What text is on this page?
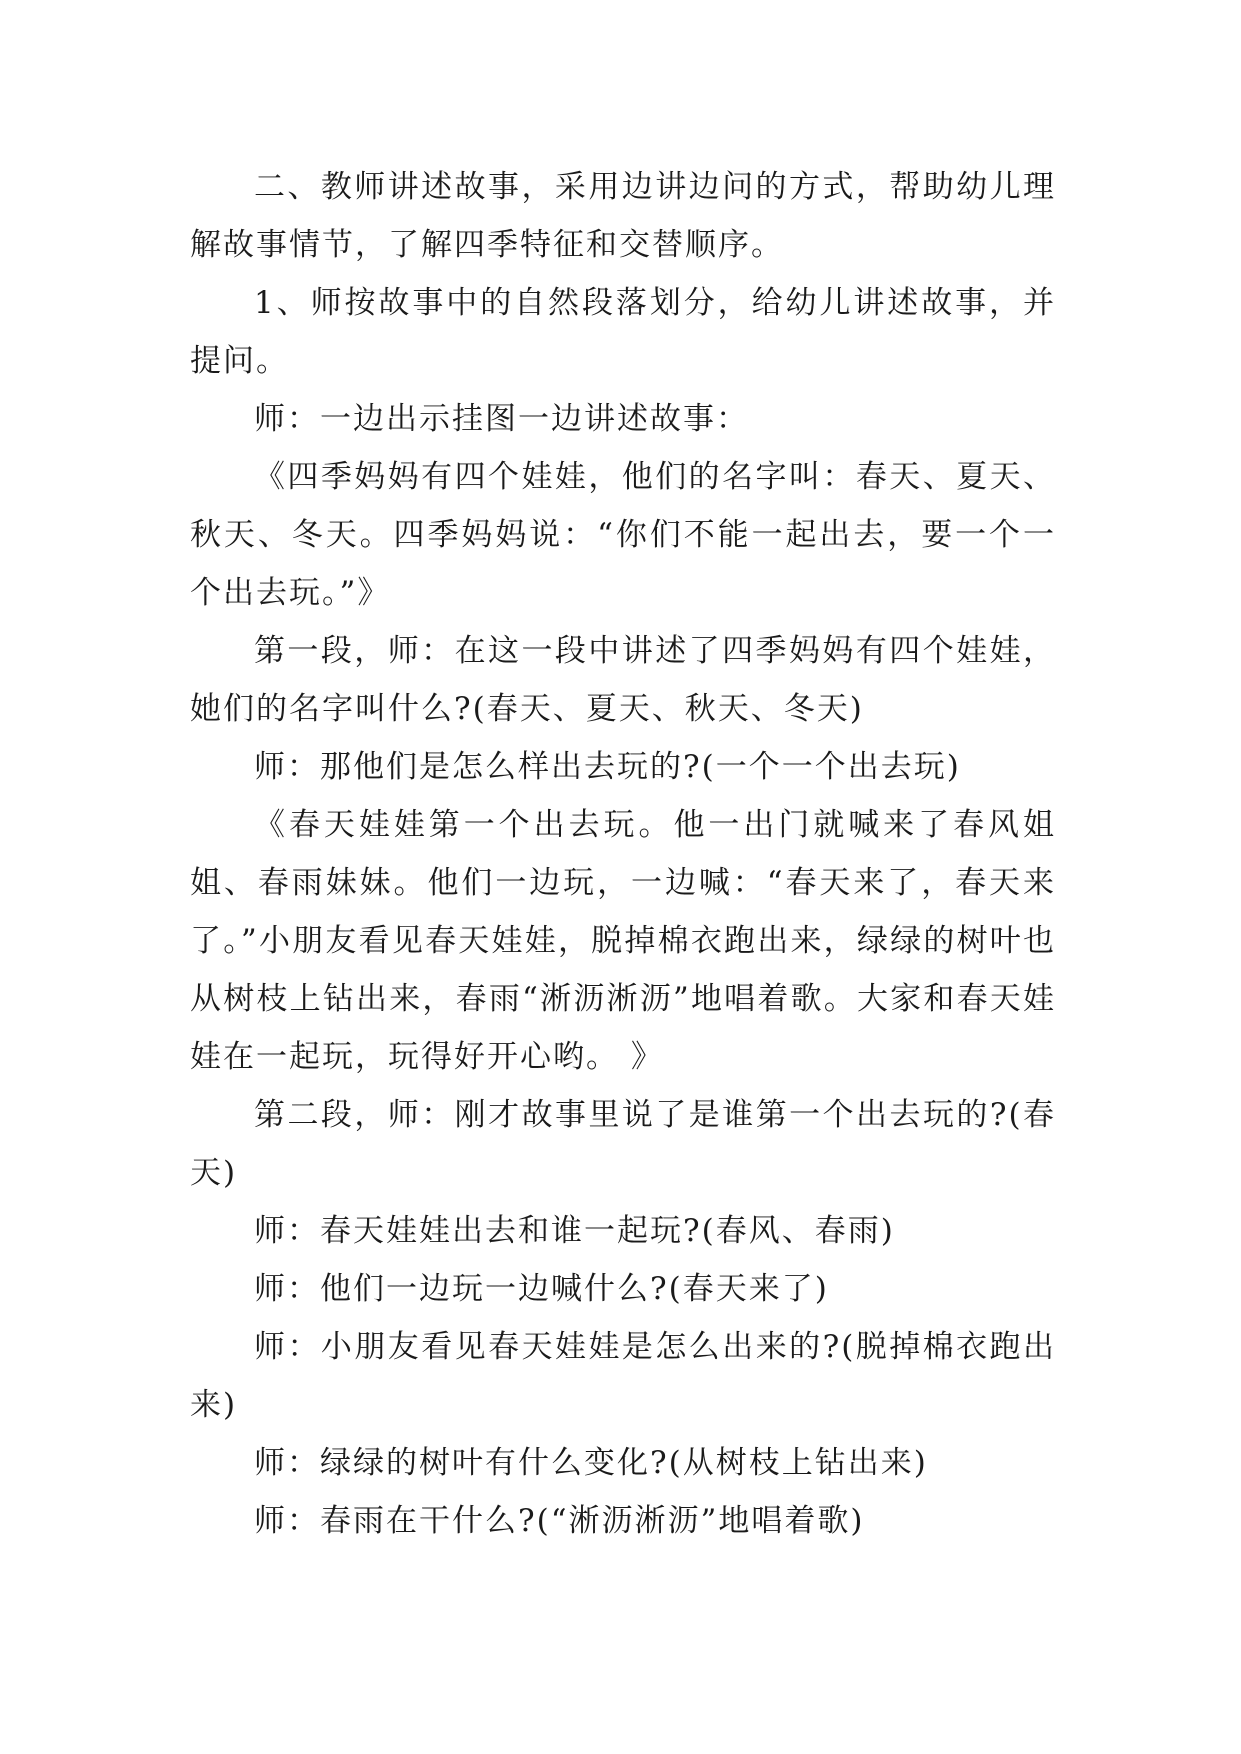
二、教师讲述故事，采用边讲边问的方式，帮助幼儿理解故事情节，了解四季特征和交替顺序。

1、师按故事中的自然段落划分，给幼儿讲述故事，并提问。

师：一边出示挂图一边讲述故事：

《四季妈妈有四个娃娃，他们的名字叫：春天、夏天、秋天、冬天。四季妈妈说：“你们不能一起出去，要一个一个出去玩。”》

第一段，师：在这一段中讲述了四季妈妈有四个娃娃，她们的名字叫什么?(春天、夏天、秋天、冬天)

师：那他们是怎么样出去玩的?(一个一个出去玩)

《春天娃娃第一个出去玩。他一出门就喊来了春风姐姐、春雨妹妹。他们一边玩，一边喊：“春天来了，春天来了。”小朋友看见春天娃娃，脱掉棉衣跑出来，绿绿的树叶也从树枝上钻出来，春雨“淅沥淅沥”地唱着歌。大家和春天娃娃在一起玩，玩得好开心哟。 》

第二段，师：刚才故事里说了是谁第一个出去玩的?(春天)

师：春天娃娃出去和谁一起玩?(春风、春雨)

师：他们一边玩一边喊什么?(春天来了)

师：小朋友看见春天娃娃是怎么出来的?(脱掉棉衣跑出来)

师：绿绿的树叶有什么变化?(从树枝上钻出来)

师：春雨在干什么?(“淅沥淅沥”地唱着歌)
